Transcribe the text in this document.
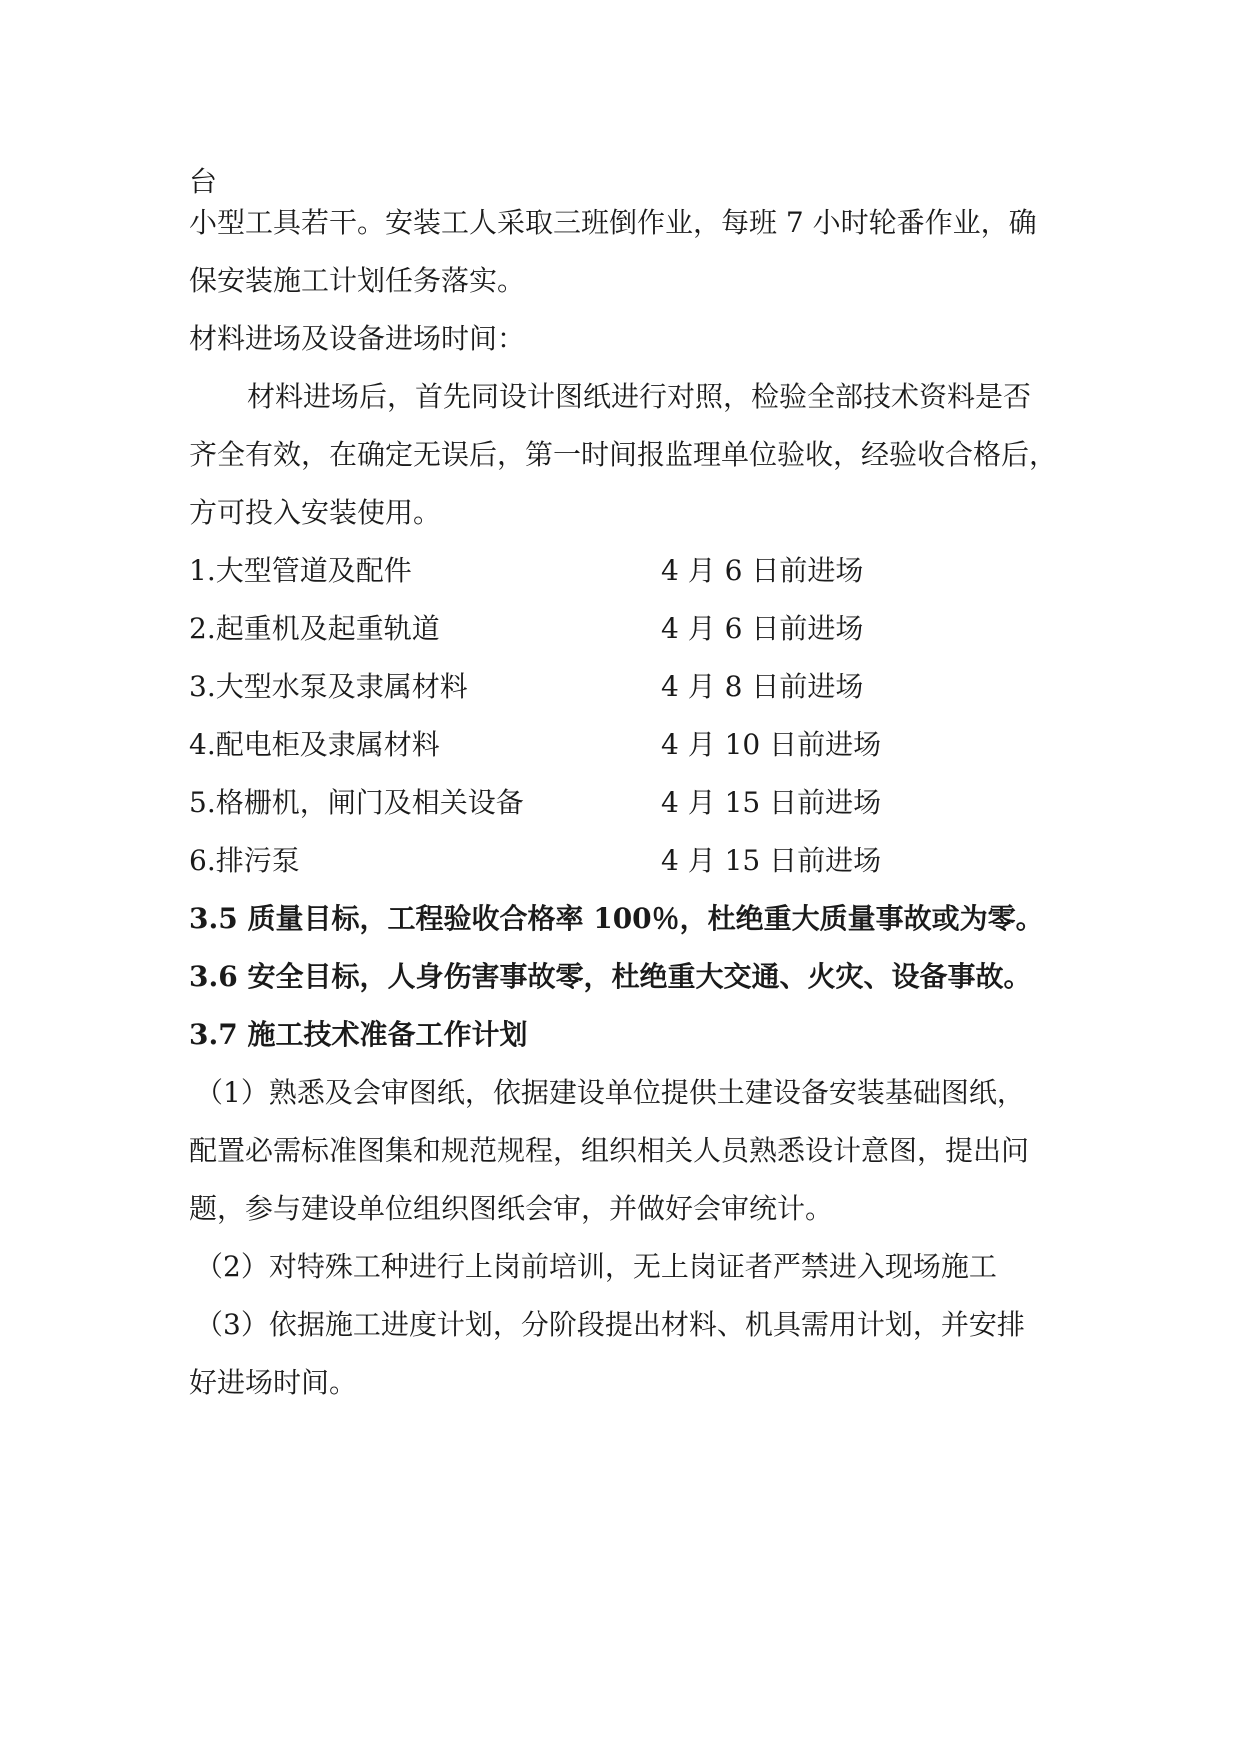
台
小型工具若干。安装工人采取三班倒作业，每班 7 小时轮番作业，确
保安装施工计划任务落实。
材料进场及设备进场时间：
材料进场后，首先同设计图纸进行对照，检验全部技术资料是否
齐全有效，在确定无误后，第一时间报监理单位验收，经验收合格后，
方可投入安装使用。
1.大型管道及配件	4 月 6 日前进场
2.起重机及起重轨道	4 月 6 日前进场
3.大型水泵及隶属材料	4 月 8 日前进场
4.配电柜及隶属材料	4 月 10 日前进场
5.格栅机，闸门及相关设备	4 月 15 日前进场
6.排污泵	4 月 15 日前进场
3.5 质量目标，工程验收合格率 100％，杜绝重大质量事故或为零。
3.6 安全目标，人身伤害事故零，杜绝重大交通、火灾、设备事故。
3.7 施工技术准备工作计划
（1）熟悉及会审图纸，依据建设单位提供土建设备安装基础图纸，
配置必需标准图集和规范规程，组织相关人员熟悉设计意图，提出问
题，参与建设单位组织图纸会审，并做好会审统计。
（2）对特殊工种进行上岗前培训，无上岗证者严禁进入现场施工
（3）依据施工进度计划，分阶段提出材料、机具需用计划，并安排
好进场时间。
